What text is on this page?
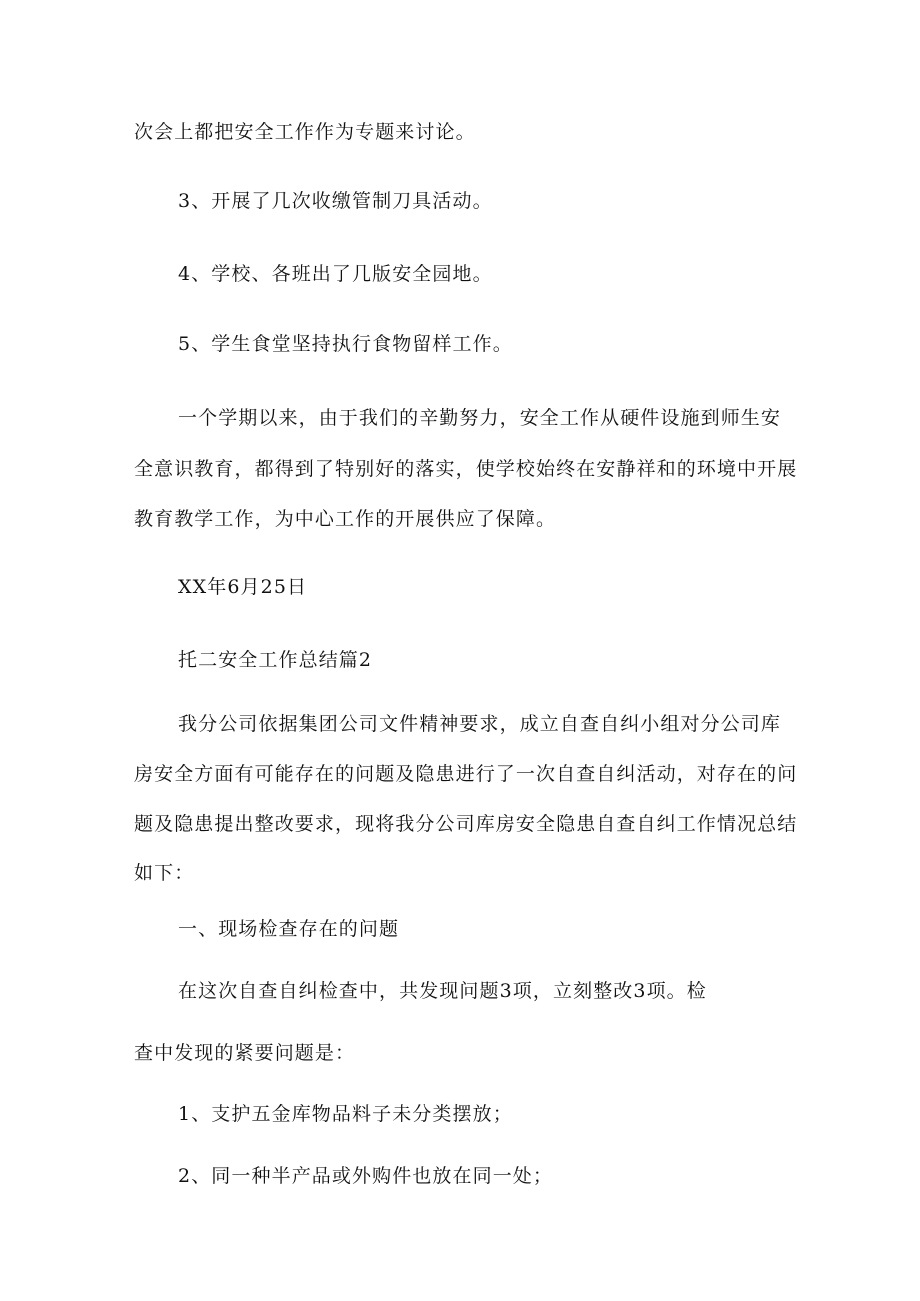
次会上都把安全工作作为专题来讨论。

3、开展了几次收缴管制刀具活动。

4、学校、各班出了几版安全园地。

5、学生食堂坚持执行食物留样工作。

一个学期以来，由于我们的辛勤努力，安全工作从硬件设施到师生安

全意识教育，都得到了特别好的落实，使学校始终在安静祥和的环境中开展

教育教学工作，为中心工作的开展供应了保障。

XX年6月25日

托二安全工作总结篇2

我分公司依据集团公司文件精神要求，成立自查自纠小组对分公司库

房安全方面有可能存在的问题及隐患进行了一次自查自纠活动，对存在的问

题及隐患提出整改要求，现将我分公司库房安全隐患自查自纠工作情况总结

如下：

一、现场检查存在的问题

在这次自查自纠检查中，共发现问题3项，立刻整改3项。检

查中发现的紧要问题是：

1、支护五金库物品料子未分类摆放；

2、同一种半产品或外购件也放在同一处；
